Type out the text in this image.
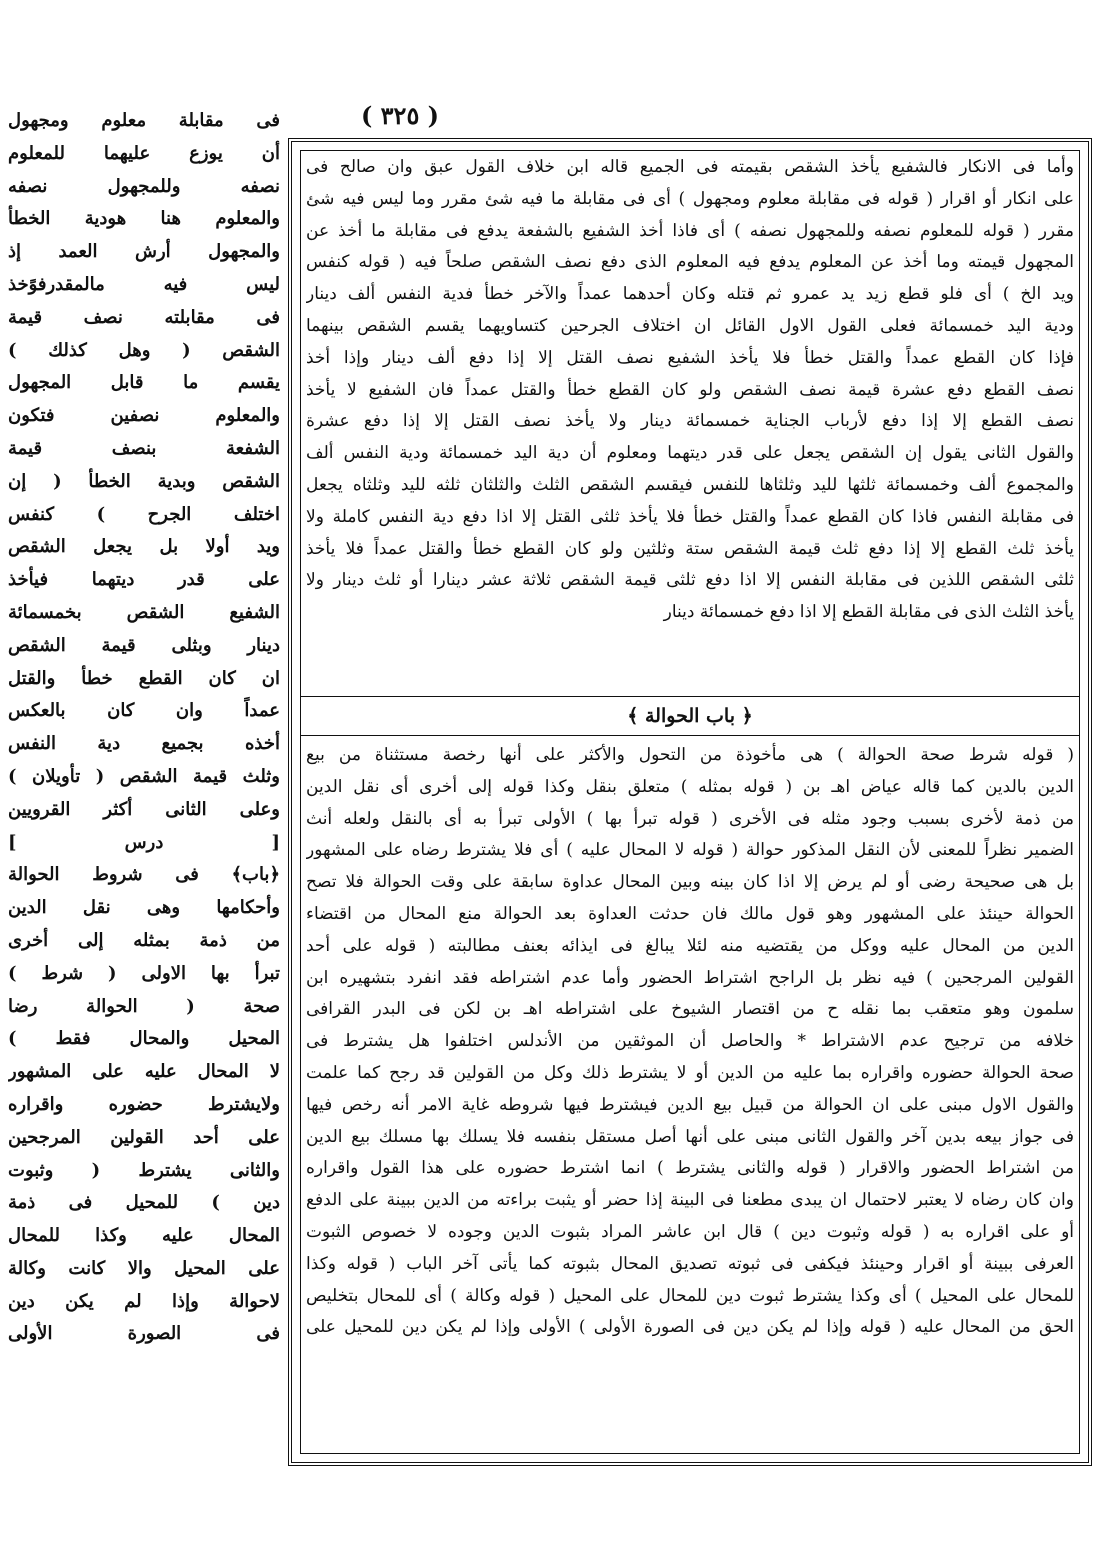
( ٣٢٥ )
فى مقابلة معلوم ومجهول
أن يوزع عليهما للمعلوم
نصفه وللمجهول نصفه
والمعلوم هنا هودية الخطأ
والمجهول أرش العمد إذ
ليس فيه مالمقدرفوًخذ
فى مقابلته نصف قيمة
الشقص ( وهل كذلك )
يقسم ما قابل المجهول
والمعلوم نصفين فتكون
الشفعة بنصف قيمة
الشقص وبدية الخطأ ( إن
اختلف الجرح ) كنفس
ويد أولا بل يجعل الشقص
على قدر ديتهما فيأخذ
الشفيع الشقص بخمسمائة
دينار وبثلى قيمة الشقص
ان كان القطع خطأ والقتل
عمداً وان كان بالعكس
أخذه بجميع دية النفس
وثلث قيمة الشقص ( تأويلان )
وعلى الثانى أكثر القرويين
[ درس ]
﴿باب﴾ فى شروط الحوالة
وأحكامها وهى نقل الدين
من ذمة بمثله إلى أخرى
تبرأ بها الاولى ( شرط )
صحة ( الحوالة رضا
المحيل والمحال فقط )
لا المحال عليه على المشهور
ولايشترط حضوره واقراره
على أحد القولين المرجحين
والثانى يشترط ( وثبوت
دين ) للمحيل فى ذمة
المحال عليه وكذا للمحال
على المحيل والا كانت وكالة
لاحوالة وإذا لم يكن دين
فى الصورة الأولى
وأما فى الانكار فالشفيع يأخذ الشقص بقيمته فى الجميع قاله ابن خلاف القول عبق وان صالح فى
على انكار أو اقرار ( قوله فى مقابلة معلوم ومجهول ) أى فى مقابلة ما فيه شئ مقرر وما ليس فيه شئ
مقرر ( قوله للمعلوم نصفه وللمجهول نصفه ) أى فاذا أخذ الشفيع بالشفعة يدفع فى مقابلة ما أخذ عن
المجهول قيمته وما أخذ عن المعلوم يدفع فيه المعلوم الذى دفع نصف الشقص صلحاً فيه ( قوله كنفس
ويد الخ ) أى فلو قطع زيد يد عمرو ثم قتله وكان أحدهما عمداً والآخر خطأ فدية النفس ألف دينار
ودية اليد خمسمائة فعلى القول الاول القائل ان اختلاف الجرحين كتساويهما يقسم الشقص بينهما
فإذا كان القطع عمداً والقتل خطأ فلا يأخذ الشفيع نصف القتل إلا إذا دفع ألف دينار وإذا أخذ
نصف القطع دفع عشرة قيمة نصف الشقص ولو كان القطع خطأ والقتل عمداً فان الشفيع لا يأخذ
نصف القطع إلا إذا دفع لأرباب الجناية خمسمائة دينار ولا يأخذ نصف القتل إلا إذا دفع عشرة
والقول الثانى يقول إن الشقص يجعل على قدر ديتهما ومعلوم أن دية اليد خمسمائة ودية النفس ألف
والمجموع ألف وخمسمائة ثلثها لليد وثلثاها للنفس فيقسم الشقص الثلث والثلثان ثلثه لليد وثلثاه يجعل
فى مقابلة النفس فاذا كان القطع عمداً والقتل خطأ فلا يأخذ ثلثى القتل إلا اذا دفع دية النفس كاملة ولا
يأخذ ثلث القطع إلا إذا دفع ثلث قيمة الشقص ستة وثلثين ولو كان القطع خطأ والقتل عمداً فلا يأخذ
ثلثى الشقص اللذين فى مقابلة النفس إلا اذا دفع ثلثى قيمة الشقص ثلاثة عشر دينارا أو ثلث دينار ولا
يأخذ الثلث الذى فى مقابلة القطع إلا اذا دفع خمسمائة دينار
﴿ باب الحوالة ﴾
( قوله شرط صحة الحوالة ) هى مأخوذة من التحول والأكثر على أنها رخصة مستثناة من بيع
الدين بالدين كما قاله عياض اهـ بن ( قوله بمثله ) متعلق بنقل وكذا قوله إلى أخرى أى نقل الدين
من ذمة لأخرى بسبب وجود مثله فى الأخرى ( قوله تبرأ بها ) الأولى تبرأ به أى بالنقل ولعله أنث
الضمير نظراً للمعنى لأن النقل المذكور حوالة ( قوله لا المحال عليه ) أى فلا يشترط رضاه على المشهور
بل هى صحيحة رضى أو لم يرض إلا اذا كان بينه وبين المحال عداوة سابقة على وقت الحوالة فلا تصح
الحوالة حينئذ على المشهور وهو قول مالك فان حدثت العداوة بعد الحوالة منع المحال من اقتضاء
الدين من المحال عليه ووكل من يقتضيه منه لئلا يبالغ فى ايذائه بعنف مطالبته ( قوله على أحد
القولين المرجحين ) فيه نظر بل الراجح اشتراط الحضور وأما عدم اشتراطه فقد انفرد بتشهيره ابن
سلمون وهو متعقب بما نقله ح من اقتصار الشيوخ على اشتراطه اهـ بن لكن فى البدر القرافى
خلافه من ترجيح عدم الاشتراط * والحاصل أن الموثقين من الأندلس اختلفوا هل يشترط فى
صحة الحوالة حضوره واقراره بما عليه من الدين أو لا يشترط ذلك وكل من القولين قد رجح كما علمت
والقول الاول مبنى على ان الحوالة من قبيل بيع الدين فيشترط فيها شروطه غاية الامر أنه رخص فيها
فى جواز بيعه بدين آخر والقول الثانى مبنى على أنها أصل مستقل بنفسه فلا يسلك بها مسلك بيع الدين
من اشتراط الحضور والاقرار ( قوله والثانى يشترط ) انما اشترط حضوره على هذا القول واقراره
وان كان رضاه لا يعتبر لاحتمال ان يبدى مطعنا فى البينة إذا حضر أو يثبت براءته من الدين ببينة على الدفع
أو على اقراره به ( قوله وثبوت دين ) قال ابن عاشر المراد بثبوت الدين وجوده لا خصوص الثبوت
العرفى ببينة أو اقرار وحينئذ فيكفى فى ثبوته تصديق المحال بثبوته كما يأتى آخر الباب ( قوله وكذا
للمحال على المحيل ) أى وكذا يشترط ثبوت دين للمحال على المحيل ( قوله وكالة ) أى للمحال بتخليص
الحق من المحال عليه ( قوله وإذا لم يكن دين فى الصورة الأولى ) الأولى وإذا لم يكن دين للمحيل على
